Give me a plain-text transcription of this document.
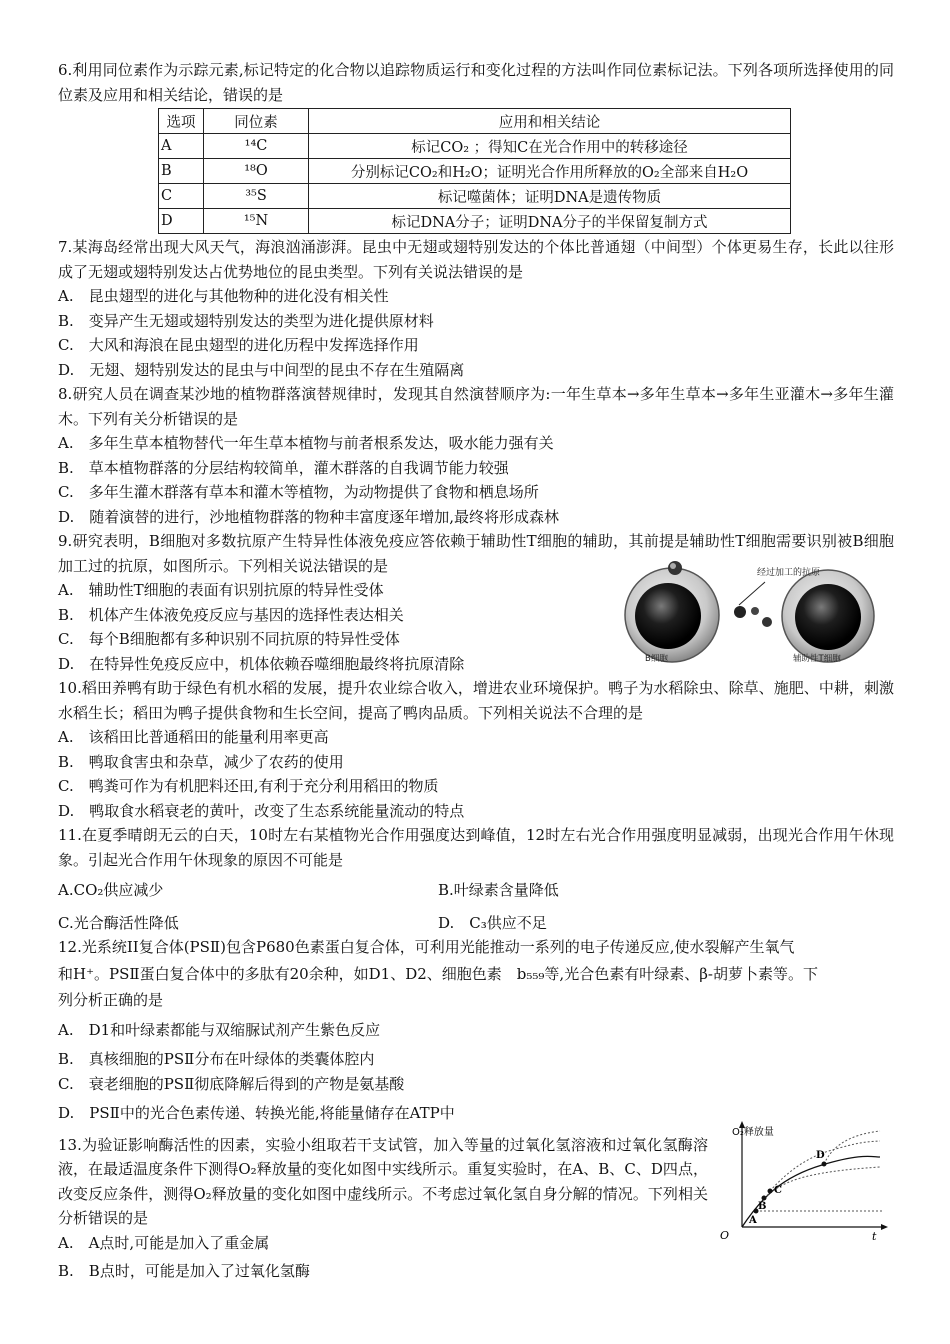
6.利用同位素作为示踪元素,标记特定的化合物以追踪物质运行和变化过程的方法叫作同位素标记法。下列各项所选择使用的同位素及应用和相关结论，错误的是

选项	同位素	应用和相关结论
A	¹⁴C	标记CO₂ ；得知C在光合作用中的转移途径
B	¹⁸O	分别标记CO₂和H₂O；证明光合作用所释放的O₂全部来自H₂O
C	³⁵S	标记噬菌体；证明DNA是遗传物质
D	¹⁵N	标记DNA分子；证明DNA分子的半保留复制方式

7.某海岛经常出现大风天气，海浪汹涌澎湃。昆虫中无翅或翅特别发达的个体比普通翅（中间型）个体更易生存，长此以往形成了无翅或翅特别发达占优势地位的昆虫类型。下列有关说法错误的是

A.　昆虫翅型的进化与其他物种的进化没有相关性

B.　变异产生无翅或翅特别发达的类型为进化提供原材料

C.　大风和海浪在昆虫翅型的进化历程中发挥选择作用

D.　无翅、翅特别发达的昆虫与中间型的昆虫不存在生殖隔离

8.研究人员在调查某沙地的植物群落演替规律时，发现其自然演替顺序为:一年生草本→多年生草本→多年生亚灌木→多年生灌木。下列有关分析错误的是

A.　多年生草本植物替代一年生草本植物与前者根系发达，吸水能力强有关

B.　草本植物群落的分层结构较简单，灌木群落的自我调节能力较强

C.　多年生灌木群落有草本和灌木等植物，为动物提供了食物和栖息场所

D.　随着演替的进行，沙地植物群落的物种丰富度逐年增加,最终将形成森林

9.研究表明，B细胞对多数抗原产生特异性体液免疫应答依赖于辅助性T细胞的辅助，其前提是辅助性T细胞需要识别被B细胞加工过的抗原，如图所示。下列相关说法错误的是

A.　辅助性T细胞的表面有识别抗原的特异性受体

B.　机体产生体液免疫反应与基因的选择性表达相关

C.　每个B细胞都有多种识别不同抗原的特异性受体

D.　在特异性免疫反应中，机体依赖吞噬细胞最终将抗原清除

10.稻田养鸭有助于绿色有机水稻的发展，提升农业综合收入，增进农业环境保护。鸭子为水稻除虫、除草、施肥、中耕，刺激水稻生长；稻田为鸭子提供食物和生长空间，提高了鸭肉品质。下列相关说法不合理的是

A.　该稻田比普通稻田的能量利用率更高

B.　鸭取食害虫和杂草，减少了农药的使用

C.　鸭粪可作为有机肥料还田,有利于充分利用稻田的物质

D.　鸭取食水稻衰老的黄叶，改变了生态系统能量流动的特点

11.在夏季晴朗无云的白天，10时左右某植物光合作用强度达到峰值，12时左右光合作用强度明显减弱，出现光合作用午休现象。引起光合作用午休现象的原因不可能是

A.CO₂供应减少	B.叶绿素含量降低

C.光合酶活性降低	D.　C₃供应不足

12.光系统II复合体(PSⅡ)包含P680色素蛋白复合体，可利用光能推动一系列的电子传递反应,使水裂解产生氧气

和H⁺。PSⅡ蛋白复合体中的多肽有20余种，如D1、D2、细胞色素　b₅₅₉等,光合色素有叶绿素、β-胡萝卜素等。下

列分析正确的是

A.　D1和叶绿素都能与双缩脲试剂产生紫色反应

B.　真核细胞的PSⅡ分布在叶绿体的类囊体腔内

C.　衰老细胞的PSⅡ彻底降解后得到的产物是氨基酸

D.　PSⅡ中的光合色素传递、转换光能,将能量储存在ATP中

13.为验证影响酶活性的因素，实验小组取若干支试管，加入等量的过氧化氢溶液和过氧化氢酶溶液，在最适温度条件下测得O₂释放量的变化如图中实线所示。重复实验时，在A、B、C、D四点，改变反应条件，测得O₂释放量的变化如图中虚线所示。不考虑过氧化氢自身分解的情况。下列相关分析错误的是

A.　A点时,可能是加入了重金属

B.　B点时，可能是加入了过氧化氢酶

经过加工的抗原
B细胞	辅助性T细胞
O₂释放量
t
O
A
B
C
D
